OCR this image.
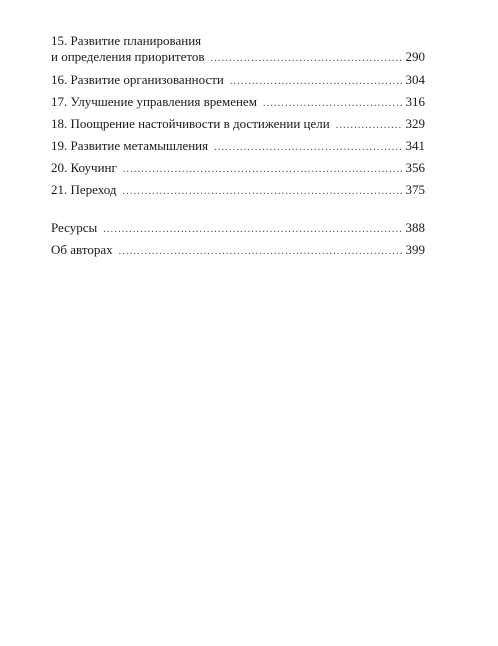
15. Развитие планирования
и определения приоритетов .....	290
16. Развитие организованности .....	304
17. Улучшение управления временем .....	316
18. Поощрение настойчивости в достижении цели .....	329
19. Развитие метамышления .....	341
20. Коучинг .....	356
21. Переход .....	375
Ресурсы .....	388
Об авторах .....	399
